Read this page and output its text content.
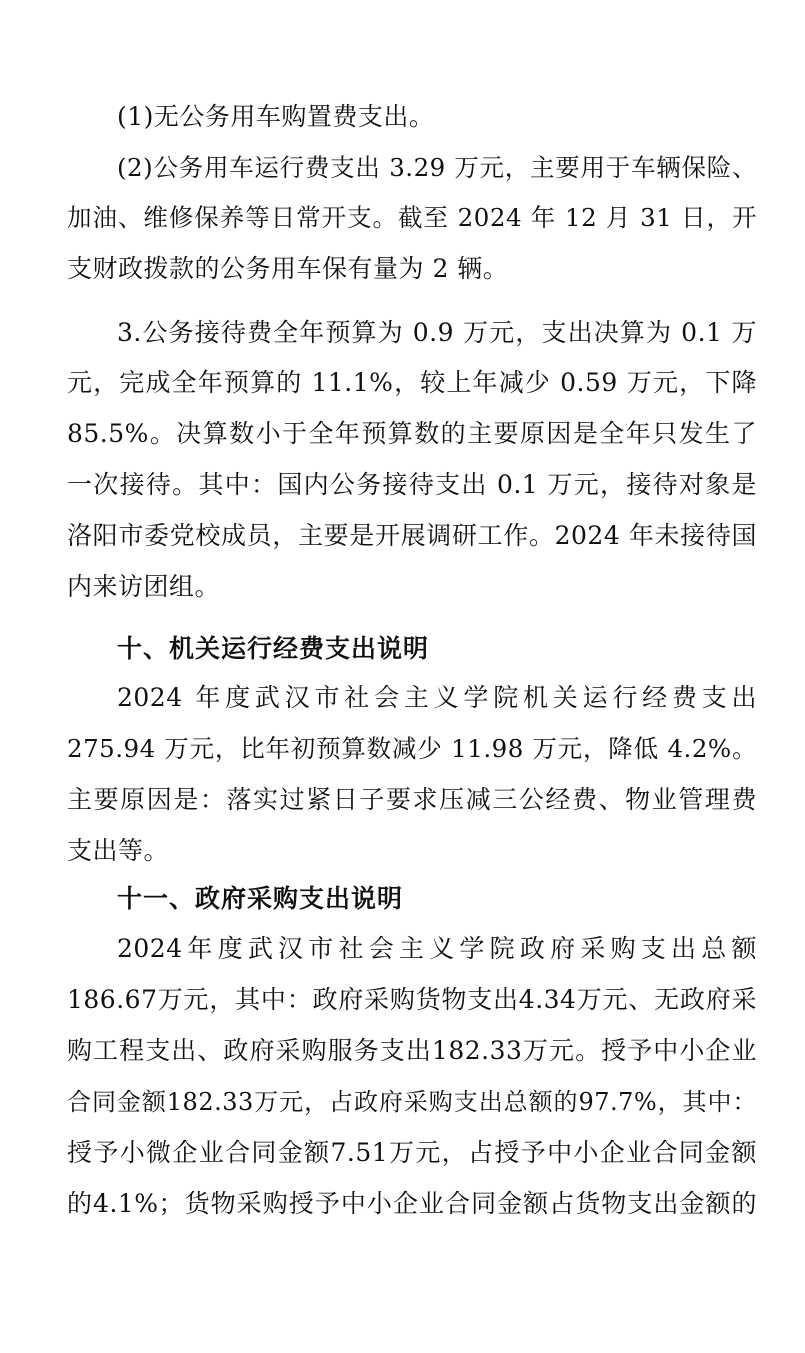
(1)无公务用车购置费支出。
(2)公务用车运行费支出 3.29 万元，主要用于车辆保险、
加油、维修保养等日常开支。截至 2024 年 12 月 31 日，开
支财政拨款的公务用车保有量为 2 辆。
3.公务接待费全年预算为 0.9 万元，支出决算为 0.1 万
元，完成全年预算的 11.1%，较上年减少 0.59 万元，下降
85.5%。决算数小于全年预算数的主要原因是全年只发生了
一次接待。其中：国内公务接待支出 0.1 万元，接待对象是
洛阳市委党校成员，主要是开展调研工作。2024 年未接待国
内来访团组。
十、机关运行经费支出说明
2024 年度武汉市社会主义学院机关运行经费支出
275.94 万元，比年初预算数减少 11.98 万元，降低 4.2%。
主要原因是：落实过紧日子要求压减三公经费、物业管理费
支出等。
十一、政府采购支出说明
2024年度武汉市社会主义学院政府采购支出总额
186.67万元，其中：政府采购货物支出4.34万元、无政府采
购工程支出、政府采购服务支出182.33万元。授予中小企业
合同金额182.33万元，占政府采购支出总额的97.7%，其中：
授予小微企业合同金额7.51万元，占授予中小企业合同金额
的4.1%；货物采购授予中小企业合同金额占货物支出金额的
